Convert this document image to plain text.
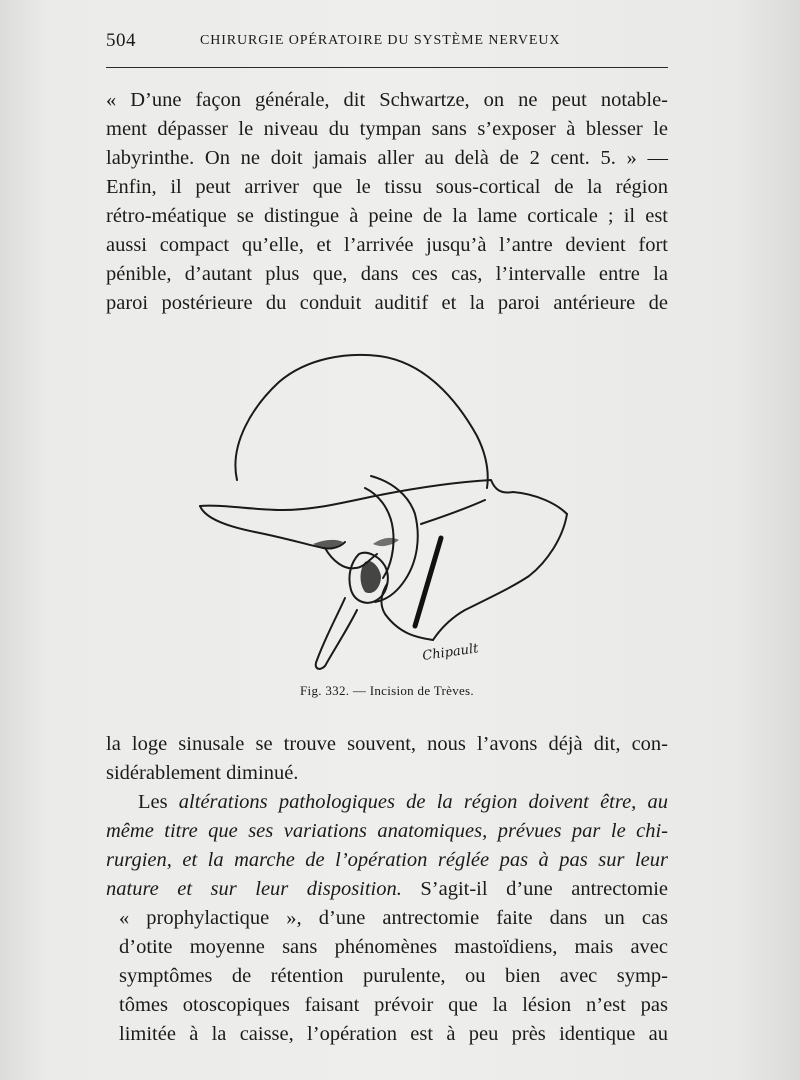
504	CHIRURGIE OPÉRATOIRE DU SYSTÈME NERVEUX
« D’une façon générale, dit Schwartze, on ne peut notable-
ment dépasser le niveau du tympan sans s’exposer à blesser le
labyrinthe. On ne doit jamais aller au delà de 2 cent. 5. » —
Enfin, il peut arriver que le tissu sous-cortical de la région
rétro-méatique se distingue à peine de la lame corticale ; il est
aussi compact qu’elle, et l’arrivée jusqu’à l’antre devient fort
pénible, d’autant plus que, dans ces cas, l’intervalle entre la
paroi postérieure du conduit auditif et la paroi antérieure de
Chipault
Fig. 332. — Incision de Trèves.
la loge sinusale se trouve souvent, nous l’avons déjà dit, con-
sidérablement diminué.
Les altérations pathologiques de la région doivent être, au
même titre que ses variations anatomiques, prévues par le chi-
rurgien, et la marche de l’opération réglée pas à pas sur leur
nature et sur leur disposition. S’agit-il d’une antrectomie
« prophylactique », d’une antrectomie faite dans un cas
d’otite moyenne sans phénomènes mastoïdiens, mais avec
symptômes de rétention purulente, ou bien avec symp-
tômes otoscopiques faisant prévoir que la lésion n’est pas
limitée à la caisse, l’opération est à peu près identique au
